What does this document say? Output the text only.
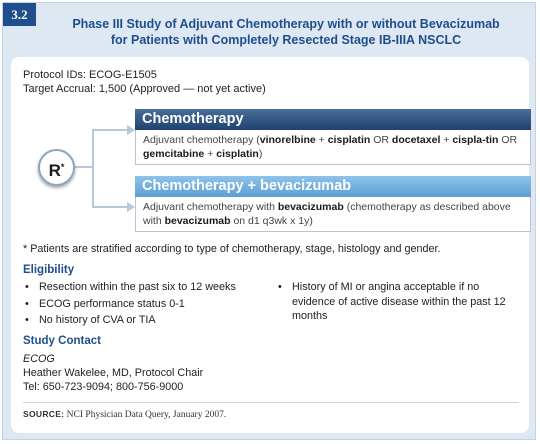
3.2
Phase III Study of Adjuvant Chemotherapy with or without Bevacizumab
for Patients with Completely Resected Stage IB-IIIA NSCLC
Protocol IDs: ECOG-E1505
Target Accrual: 1,500 (Approved — not yet active)
R*
Chemotherapy
Adjuvant chemotherapy (vinorelbine + cisplatin OR docetaxel + cispla-tin OR gemcitabine + cisplatin)
Chemotherapy + bevacizumab
Adjuvant chemotherapy with bevacizumab (chemotherapy as described above with bevacizumab on d1 q3wk x 1y)
* Patients are stratified according to type of chemotherapy, stage, histology and gender.
Eligibility
• Resection within the past six to 12 weeks
• ECOG performance status 0-1
• No history of CVA or TIA
• History of MI or angina acceptable if no evidence of active disease within the past 12 months
Study Contact
ECOG
Heather Wakelee, MD, Protocol Chair
Tel: 650-723-9094; 800-756-9000
SOURCE: NCI Physician Data Query, January 2007.
